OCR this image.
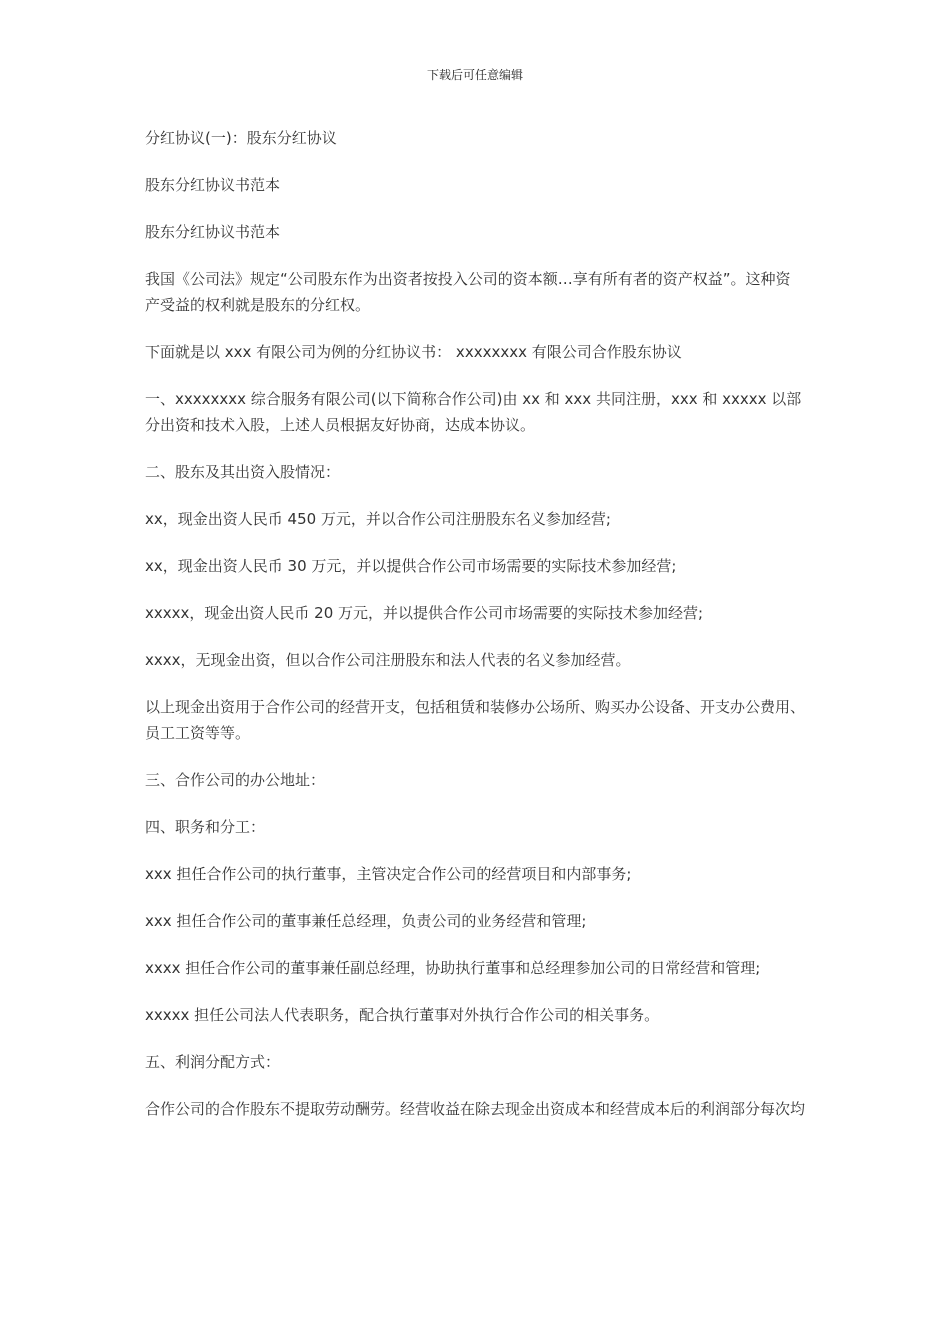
下载后可任意编辑

分红协议(一)：股东分红协议

股东分红协议书范本

股东分红协议书范本

我国《公司法》规定“公司股东作为出资者按投入公司的资本额…享有所有者的资产权益”。这种资产受益的权利就是股东的分红权。

下面就是以 xxx 有限公司为例的分红协议书： xxxxxxxx 有限公司合作股东协议

一、xxxxxxxx 综合服务有限公司(以下简称合作公司)由 xx 和 xxx 共同注册，xxx 和 xxxxx 以部分出资和技术入股，上述人员根据友好协商，达成本协议。

二、股东及其出资入股情况：

xx，现金出资人民币 450 万元，并以合作公司注册股东名义参加经营;

xx，现金出资人民币 30 万元，并以提供合作公司市场需要的实际技术参加经营;

xxxxx，现金出资人民币 20 万元，并以提供合作公司市场需要的实际技术参加经营;

xxxx，无现金出资，但以合作公司注册股东和法人代表的名义参加经营。

以上现金出资用于合作公司的经营开支，包括租赁和装修办公场所、购买办公设备、开支办公费用、员工工资等等。

三、合作公司的办公地址：

四、职务和分工：

xxx 担任合作公司的执行董事，主管决定合作公司的经营项目和内部事务;

xxx 担任合作公司的董事兼任总经理，负责公司的业务经营和管理;

xxxx 担任合作公司的董事兼任副总经理，协助执行董事和总经理参加公司的日常经营和管理;

xxxxx 担任公司法人代表职务，配合执行董事对外执行合作公司的相关事务。

五、利润分配方式：

合作公司的合作股东不提取劳动酬劳。经营收益在除去现金出资成本和经营成本后的利润部分每次均
